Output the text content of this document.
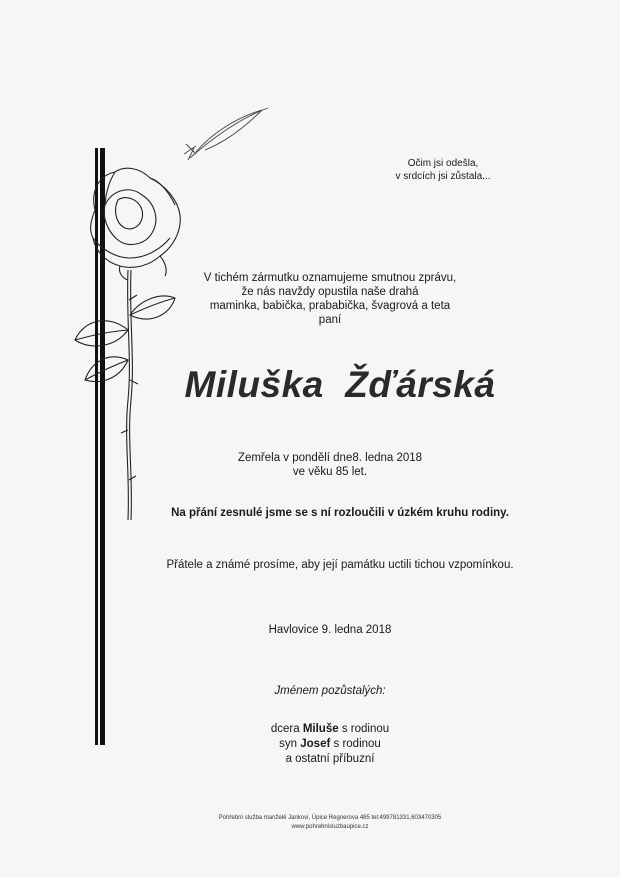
Očim jsi odešla,
v srdcích jsi zůstala...
V tichém zármutku oznamujeme smutnou zprávu,
že nás navždy opustila naše drahá
maminka, babička, prababička, švagrová a teta
paní
Miluška  Žďárská
Zemřela v pondělí dne8. ledna 2018
ve věku 85 let.
Na přání zesnulé jsme se s ní rozloučili v úzkém kruhu rodiny.
Přátele a známé prosíme, aby její památku uctili tichou vzpomínkou.
Havlovice 9. ledna 2018
Jménem pozůstalých:
dcera Miluše s rodinou
syn Josef s rodinou
a ostatní příbuzní
Pohřební služba manželé Jankovi, Úpice Regnerova 485 tel:499781331,603470305
www.pohrebnisluzbaupice.cz
